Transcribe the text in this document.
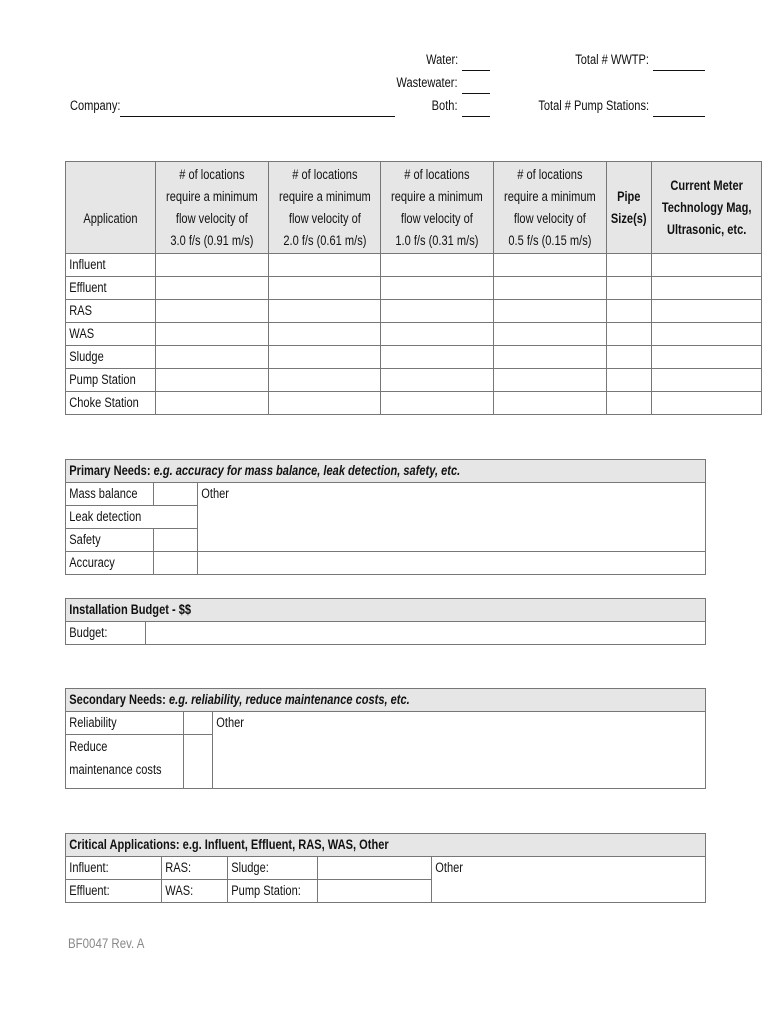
Water:
Wastewater:
Both:
Company:
Total # WWTP:
Total # Pump Stations:
Application	# of locations
require a minimum
flow velocity of
3.0 f/s (0.91 m/s)	# of locations
require a minimum
flow velocity of
2.0 f/s (0.61 m/s)	# of locations
require a minimum
flow velocity of
1.0 f/s (0.31 m/s)	# of locations
require a minimum
flow velocity of
0.5 f/s (0.15 m/s)	Pipe
Size(s)	Current Meter
Technology Mag,
Ultrasonic, etc.

Influent						
Effluent						
RAS						
WAS						
Sludge						
Pump Station						
Choke Station						
Primary Needs: e.g. accuracy for mass balance, leak detection, safety, etc.		
Mass balance		Other
Leak detection		
Safety		
Accuracy		
Installation Budget - $$
Budget:	
Secondary Needs: e.g. reliability, reduce maintenance costs, etc.		
Reliability		Other
Reduce
maintenance costs		
Critical Applications: e.g. Influent, Effluent, RAS, WAS, Other				
Influent:	RAS:	Sludge:		Other
Effluent:	WAS:	Pump Station:		
BF0047 Rev. A
